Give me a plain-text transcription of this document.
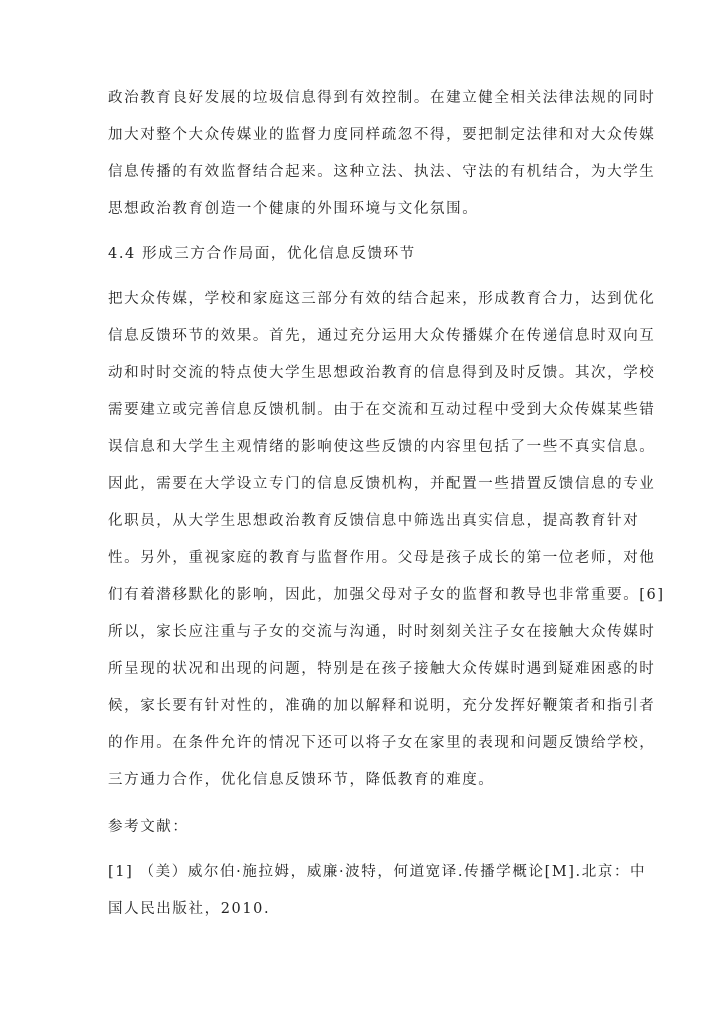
政治教育良好发展的垃圾信息得到有效控制。在建立健全相关法律法规的同时
加大对整个大众传媒业的监督力度同样疏忽不得，要把制定法律和对大众传媒
信息传播的有效监督结合起来。这种立法、执法、守法的有机结合，为大学生
思想政治教育创造一个健康的外围环境与文化氛围。
4.4 形成三方合作局面，优化信息反馈环节
把大众传媒，学校和家庭这三部分有效的结合起来，形成教育合力，达到优化
信息反馈环节的效果。首先，通过充分运用大众传播媒介在传递信息时双向互
动和时时交流的特点使大学生思想政治教育的信息得到及时反馈。其次，学校
需要建立或完善信息反馈机制。由于在交流和互动过程中受到大众传媒某些错
误信息和大学生主观情绪的影响使这些反馈的内容里包括了一些不真实信息。
因此，需要在大学设立专门的信息反馈机构，并配置一些措置反馈信息的专业
化职员，从大学生思想政治教育反馈信息中筛选出真实信息，提高教育针对
性。另外，重视家庭的教育与监督作用。父母是孩子成长的第一位老师，对他
们有着潜移默化的影响，因此，加强父母对子女的监督和教导也非常重要。[6]
所以，家长应注重与子女的交流与沟通，时时刻刻关注子女在接触大众传媒时
所呈现的状况和出现的问题，特别是在孩子接触大众传媒时遇到疑难困惑的时
候，家长要有针对性的，准确的加以解释和说明，充分发挥好鞭策者和指引者
的作用。在条件允许的情况下还可以将子女在家里的表现和问题反馈给学校，
三方通力合作，优化信息反馈环节，降低教育的难度。
参考文献：
[1] （美）威尔伯·施拉姆，威廉·波特，何道宽译.传播学概论[M].北京：中
国人民出版社，2010.
